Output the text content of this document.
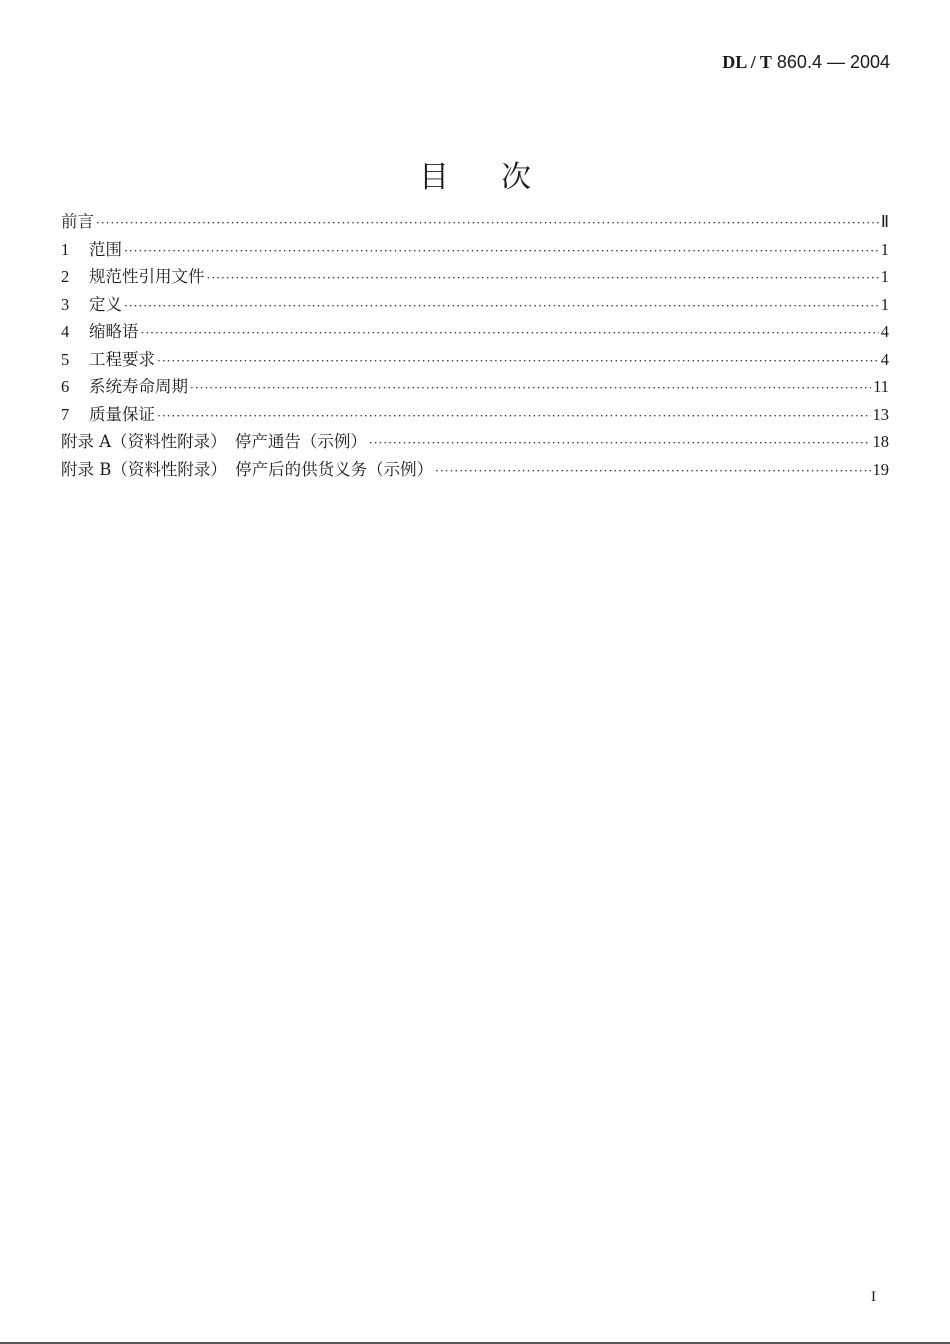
DL / T 860.4 — 2004
目次
前言 ·····	Ⅱ
1	范围 ·····	1
2	规范性引用文件 ·····	1
3	定义 ·····	1
4	缩略语 ·····	4
5	工程要求 ·····	4
6	系统寿命周期 ·····	11
7	质量保证 ·····	13
附录 A（资料性附录）　停产通告（示例） ·····	18
附录 B（资料性附录）　停产后的供货义务（示例） ·····	19
I
